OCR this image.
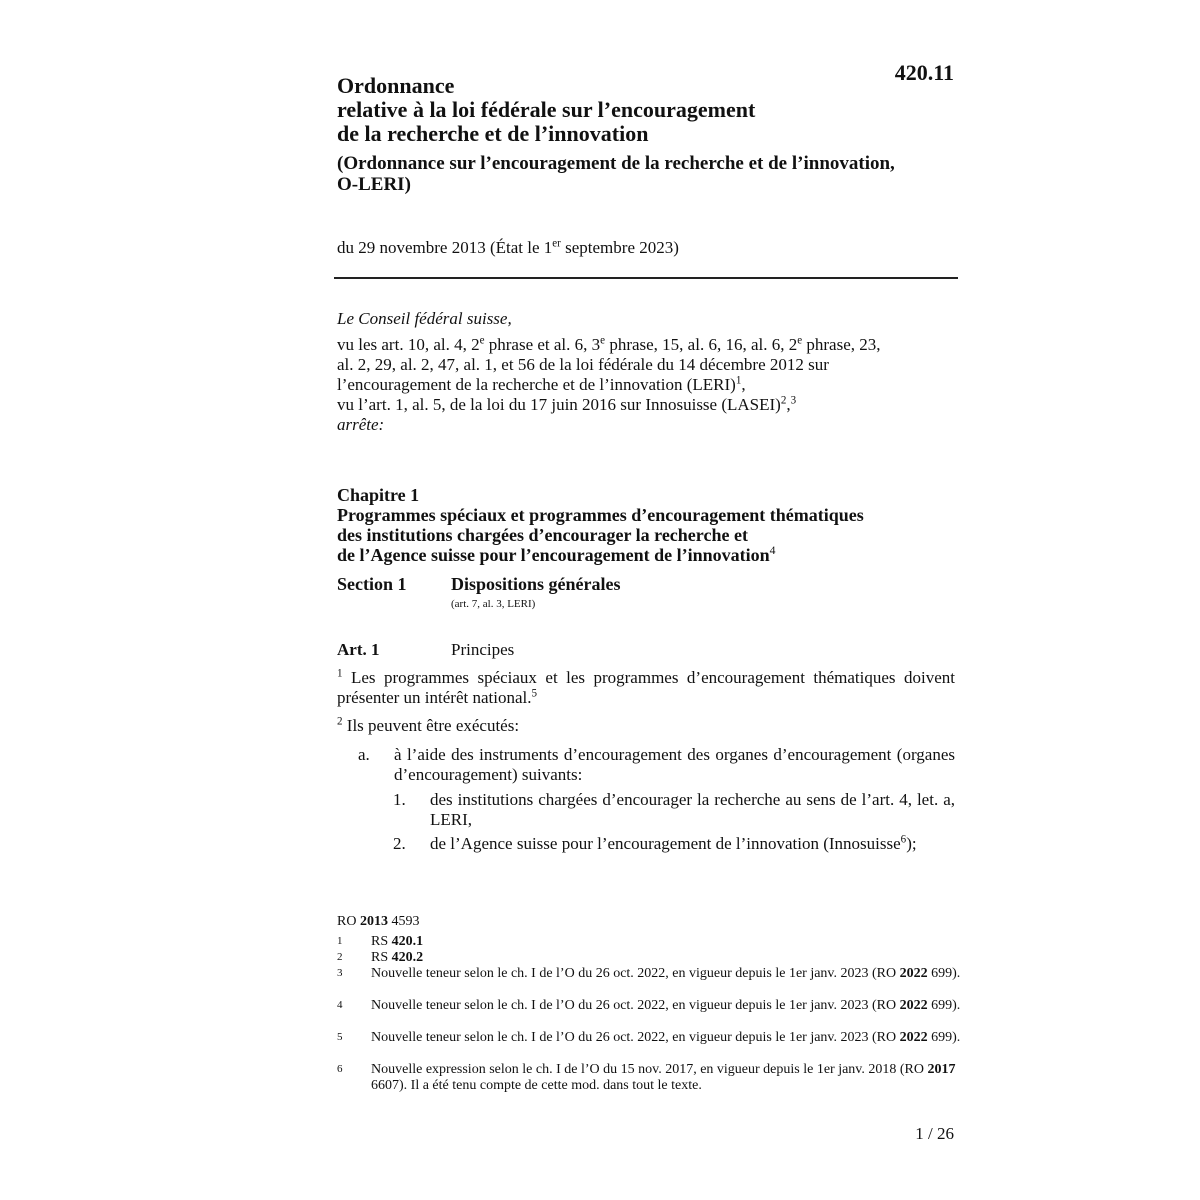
420.11
Ordonnance
relative à la loi fédérale sur l’encouragement
de la recherche et de l’innovation
(Ordonnance sur l’encouragement de la recherche et de l’innovation,
O-LERI)
du 29 novembre 2013 (État le 1er septembre 2023)
Le Conseil fédéral suisse,
vu les art. 10, al. 4, 2e phrase et al. 6, 3e phrase, 15, al. 6, 16, al. 6, 2e phrase, 23,
al. 2, 29, al. 2, 47, al. 1, et 56 de la loi fédérale du 14 décembre 2012 sur
l’encouragement de la recherche et de l’innovation (LERI)$^1$,
vu l’art. 1, al. 5, de la loi du 17 juin 2016 sur Innosuisse (LASEI)$^2$,$^3$
arrête:
Chapitre 1
Programmes spéciaux et programmes d’encouragement thématiques
des institutions chargées d’encourager la recherche et
de l’Agence suisse pour l’encouragement de l’innovation$^4$
Section 1 Dispositions générales
(art. 7, al. 3, LERI)
Art. 1	Principes
$^1$ Les programmes spéciaux et les programmes d’encouragement thématiques doivent présenter un intérêt national.$^5$
$^2$ Ils peuvent être exécutés:
a. à l’aide des instruments d’encouragement des organes d’encouragement (organes d’encouragement) suivants:
1. des institutions chargées d’encourager la recherche au sens de l’art. 4, let. a, LERI,
2. de l’Agence suisse pour l’encouragement de l’innovation (Innosuisse$^6$);
RO 2013 4593
1 RS 420.1
2 RS 420.2
3 Nouvelle teneur selon le ch. I de l’O du 26 oct. 2022, en vigueur depuis le 1er janv. 2023 (RO 2022 699).
4 Nouvelle teneur selon le ch. I de l’O du 26 oct. 2022, en vigueur depuis le 1er janv. 2023 (RO 2022 699).
5 Nouvelle teneur selon le ch. I de l’O du 26 oct. 2022, en vigueur depuis le 1er janv. 2023 (RO 2022 699).
6 Nouvelle expression selon le ch. I de l’O du 15 nov. 2017, en vigueur depuis le 1er janv. 2018 (RO 2017 6607). Il a été tenu compte de cette mod. dans tout le texte.
1 / 26
